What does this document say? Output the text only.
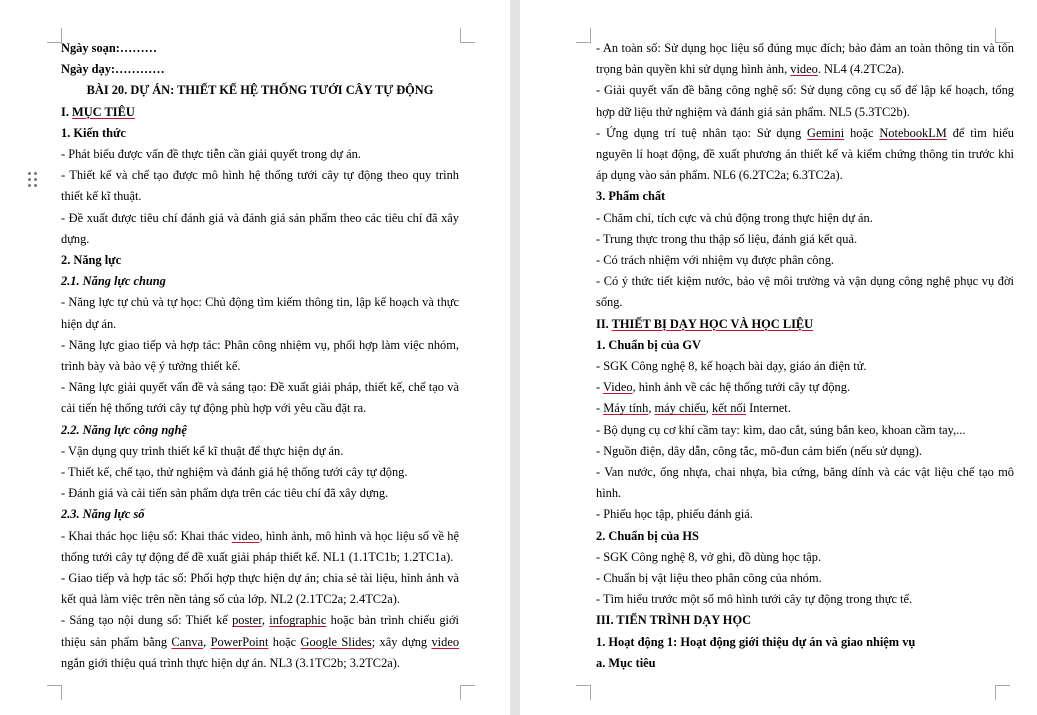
Ngày soạn:………

Ngày dạy:…………

BÀI 20. DỰ ÁN: THIẾT KẾ HỆ THỐNG TƯỚI CÂY TỰ ĐỘNG

I. MỤC TIÊU

1. Kiến thức

- Phát biểu được vấn đề thực tiễn cần giải quyết trong dự án.

- Thiết kế và chế tạo được mô hình hệ thống tưới cây tự động theo quy trình thiết kế kĩ thuật.

- Đề xuất được tiêu chí đánh giá và đánh giá sản phẩm theo các tiêu chí đã xây dựng.

2. Năng lực

2.1. Năng lực chung

- Năng lực tự chủ và tự học: Chủ động tìm kiếm thông tin, lập kế hoạch và thực hiện dự án.

- Năng lực giao tiếp và hợp tác: Phân công nhiệm vụ, phối hợp làm việc nhóm, trình bày và bảo vệ ý tưởng thiết kế.

- Năng lực giải quyết vấn đề và sáng tạo: Đề xuất giải pháp, thiết kế, chế tạo và cải tiến hệ thống tưới cây tự động phù hợp với yêu cầu đặt ra.

2.2. Năng lực công nghệ

- Vận dụng quy trình thiết kế kĩ thuật để thực hiện dự án.

- Thiết kế, chế tạo, thử nghiệm và đánh giá hệ thống tưới cây tự động.

- Đánh giá và cải tiến sản phẩm dựa trên các tiêu chí đã xây dựng.

2.3. Năng lực số

- Khai thác học liệu số: Khai thác video, hình ảnh, mô hình và học liệu số về hệ thống tưới cây tự động để đề xuất giải pháp thiết kế. NL1 (1.1TC1b; 1.2TC1a).

- Giao tiếp và hợp tác số: Phối hợp thực hiện dự án; chia sẻ tài liệu, hình ảnh và kết quả làm việc trên nền tảng số của lớp. NL2 (2.1TC2a; 2.4TC2a).

- Sáng tạo nội dung số: Thiết kế poster, infographic hoặc bản trình chiếu giới thiệu sản phẩm bằng Canva, PowerPoint hoặc Google Slides; xây dựng video ngắn giới thiệu quá trình thực hiện dự án. NL3 (3.1TC2b; 3.2TC2a).

- An toàn số: Sử dụng học liệu số đúng mục đích; bảo đảm an toàn thông tin và tôn trọng bản quyền khi sử dụng hình ảnh, video. NL4 (4.2TC2a).

- Giải quyết vấn đề bằng công nghệ số: Sử dụng công cụ số để lập kế hoạch, tổng hợp dữ liệu thử nghiệm và đánh giá sản phẩm. NL5 (5.3TC2b).

- Ứng dụng trí tuệ nhân tạo: Sử dụng Gemini hoặc NotebookLM để tìm hiểu nguyên lí hoạt động, đề xuất phương án thiết kế và kiểm chứng thông tin trước khi áp dụng vào sản phẩm. NL6 (6.2TC2a; 6.3TC2a).

3. Phẩm chất

- Chăm chỉ, tích cực và chủ động trong thực hiện dự án.

- Trung thực trong thu thập số liệu, đánh giá kết quả.

- Có trách nhiệm với nhiệm vụ được phân công.

- Có ý thức tiết kiệm nước, bảo vệ môi trường và vận dụng công nghệ phục vụ đời sống.

II. THIẾT BỊ DẠY HỌC VÀ HỌC LIỆU

1. Chuẩn bị của GV

- SGK Công nghệ 8, kế hoạch bài dạy, giáo án điện tử.

- Video, hình ảnh về các hệ thống tưới cây tự động.

- Máy tính, máy chiếu, kết nối Internet.

- Bộ dụng cụ cơ khí cầm tay: kìm, dao cắt, súng bắn keo, khoan cầm tay,...

- Nguồn điện, dây dẫn, công tắc, mô-đun cảm biến (nếu sử dụng).

- Van nước, ống nhựa, chai nhựa, bìa cứng, băng dính và các vật liệu chế tạo mô hình.

- Phiếu học tập, phiếu đánh giá.

2. Chuẩn bị của HS

- SGK Công nghệ 8, vở ghi, đồ dùng học tập.

- Chuẩn bị vật liệu theo phân công của nhóm.

- Tìm hiểu trước một số mô hình tưới cây tự động trong thực tế.

III. TIẾN TRÌNH DẠY HỌC

1. Hoạt động 1: Hoạt động giới thiệu dự án và giao nhiệm vụ

a. Mục tiêu
